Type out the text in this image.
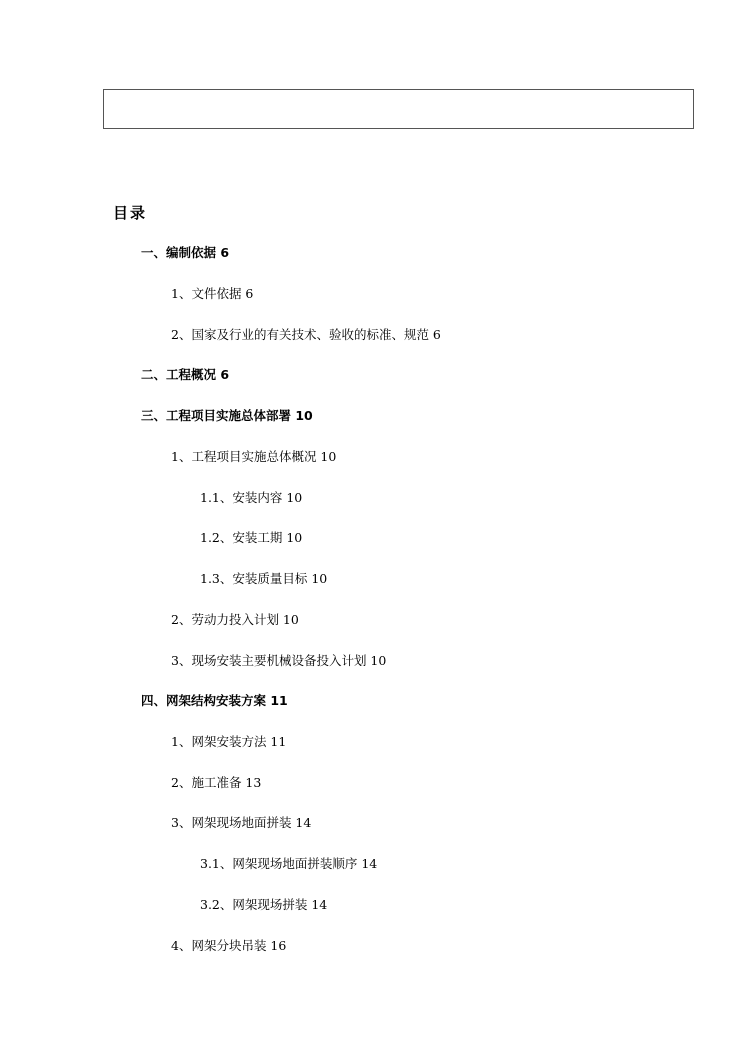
目录
一、编制依据 6
1、文件依据 6
2、国家及行业的有关技术、验收的标准、规范 6
二、工程概况 6
三、工程项目实施总体部署 10
1、工程项目实施总体概况 10
1.1、安装内容 10
1.2、安装工期 10
1.3、安装质量目标 10
2、劳动力投入计划 10
3、现场安装主要机械设备投入计划 10
四、网架结构安装方案 11
1、网架安装方法 11
2、施工准备 13
3、网架现场地面拼装 14
3.1、网架现场地面拼装顺序 14
3.2、网架现场拼装 14
4、网架分块吊装 16
